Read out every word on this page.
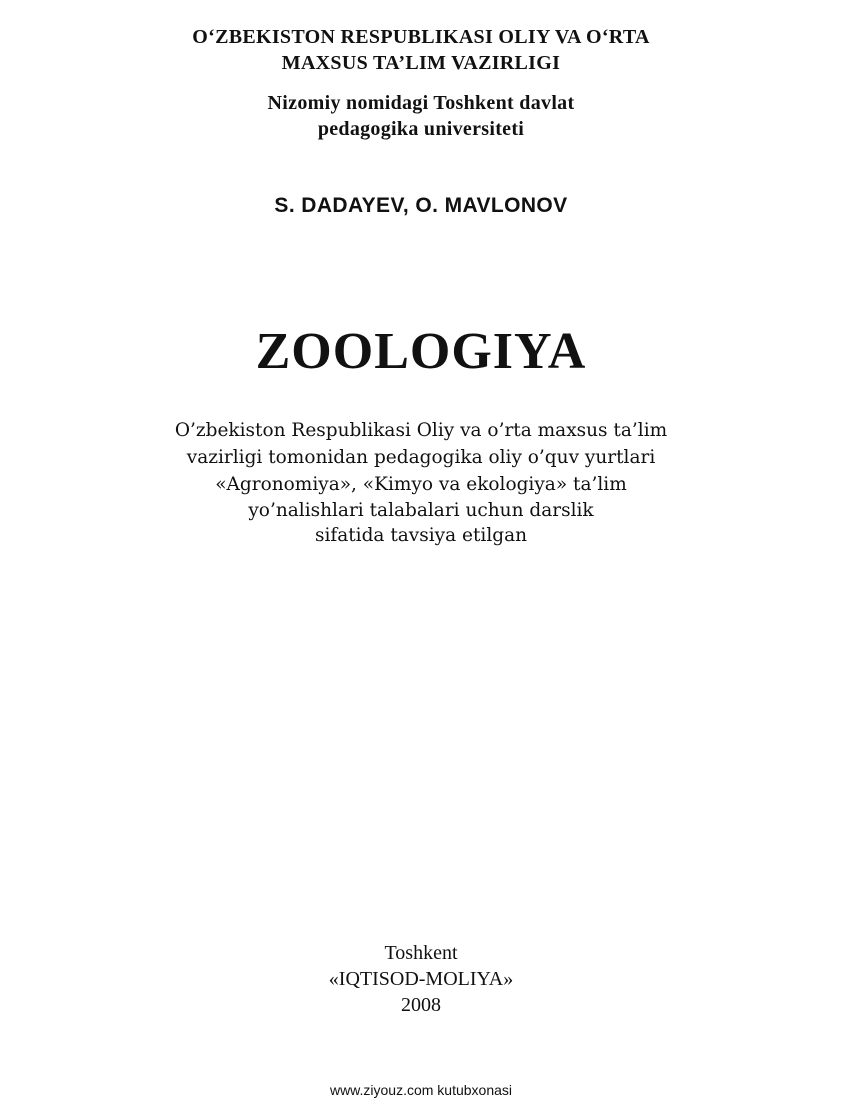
O‘ZBEKISTON RESPUBLIKASI OLIY VA O‘RTA
MAXSUS TA’LIM VAZIRLIGI
Nizomiy nomidagi Toshkent davlat
pedagogika universiteti
S. DADAYEV, O. MAVLONOV
ZOOLOGIYA
O’zbekiston Respublikasi Oliy va o’rta maxsus ta’lim
vazirligi tomonidan pedagogika oliy o’quv yurtlari
«Agronomiya», «Kimyo va ekologiya» ta’lim
yo’nalishlari talabalari uchun darslik
sifatida tavsiya etilgan
Toshkent
«IQTISOD-MOLIYA»
2008
www.ziyouz.com kutubxonasi
